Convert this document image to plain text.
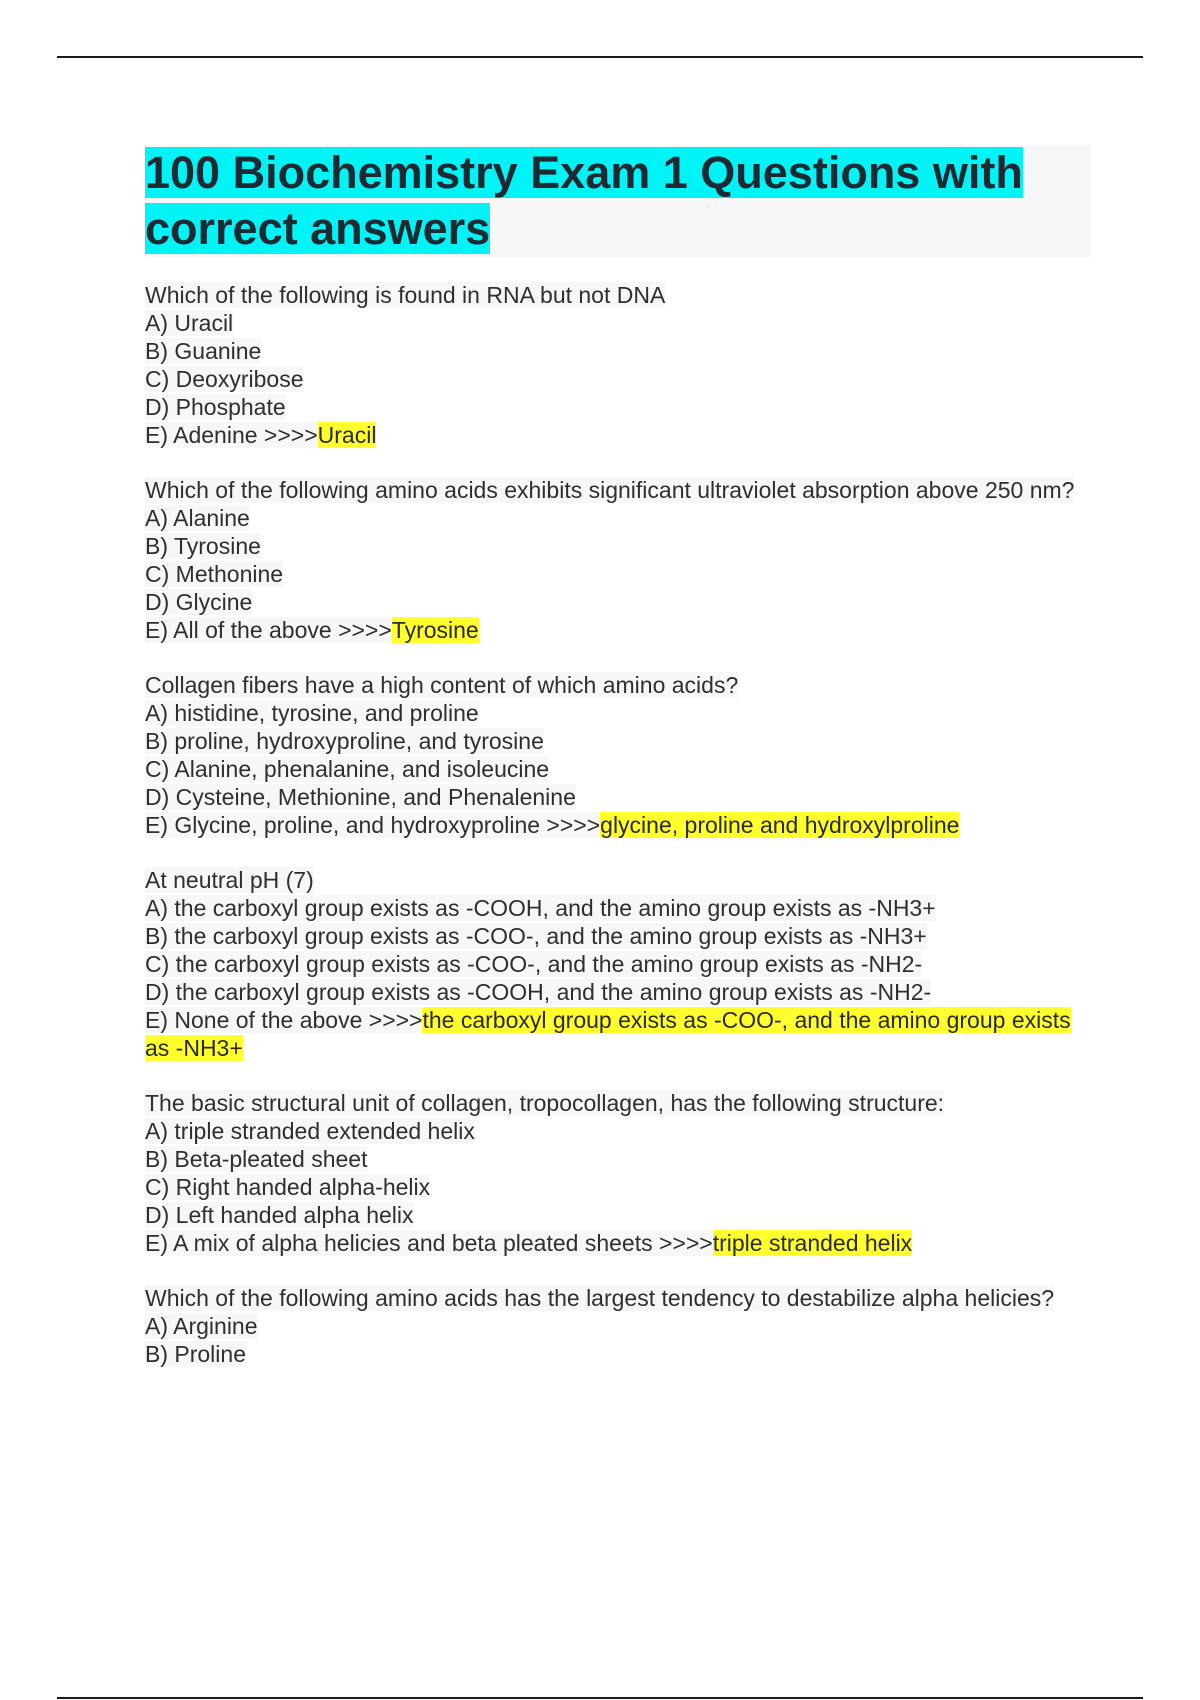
100 Biochemistry Exam 1 Questions with correct answers
Which of the following is found in RNA but not DNA
A) Uracil
B) Guanine
C) Deoxyribose
D) Phosphate
E) Adenine >>>>Uracil
Which of the following amino acids exhibits significant ultraviolet absorption above 250 nm?
A) Alanine
B) Tyrosine
C) Methonine
D) Glycine
E) All of the above >>>>Tyrosine
Collagen fibers have a high content of which amino acids?
A) histidine, tyrosine, and proline
B) proline, hydroxyproline, and tyrosine
C) Alanine, phenalanine, and isoleucine
D) Cysteine, Methionine, and Phenalenine
E) Glycine, proline, and hydroxyproline >>>>glycine, proline and hydroxylproline
At neutral pH (7)
A) the carboxyl group exists as -COOH, and the amino group exists as -NH3+
B) the carboxyl group exists as -COO-, and the amino group exists as -NH3+
C) the carboxyl group exists as -COO-, and the amino group exists as -NH2-
D) the carboxyl group exists as -COOH, and the amino group exists as -NH2-
E) None of the above >>>>the carboxyl group exists as -COO-, and the amino group exists as -NH3+
The basic structural unit of collagen, tropocollagen, has the following structure:
A) triple stranded extended helix
B) Beta-pleated sheet
C) Right handed alpha-helix
D) Left handed alpha helix
E) A mix of alpha helicies and beta pleated sheets >>>>triple stranded helix
Which of the following amino acids has the largest tendency to destabilize alpha helicies?
A) Arginine
B) Proline
